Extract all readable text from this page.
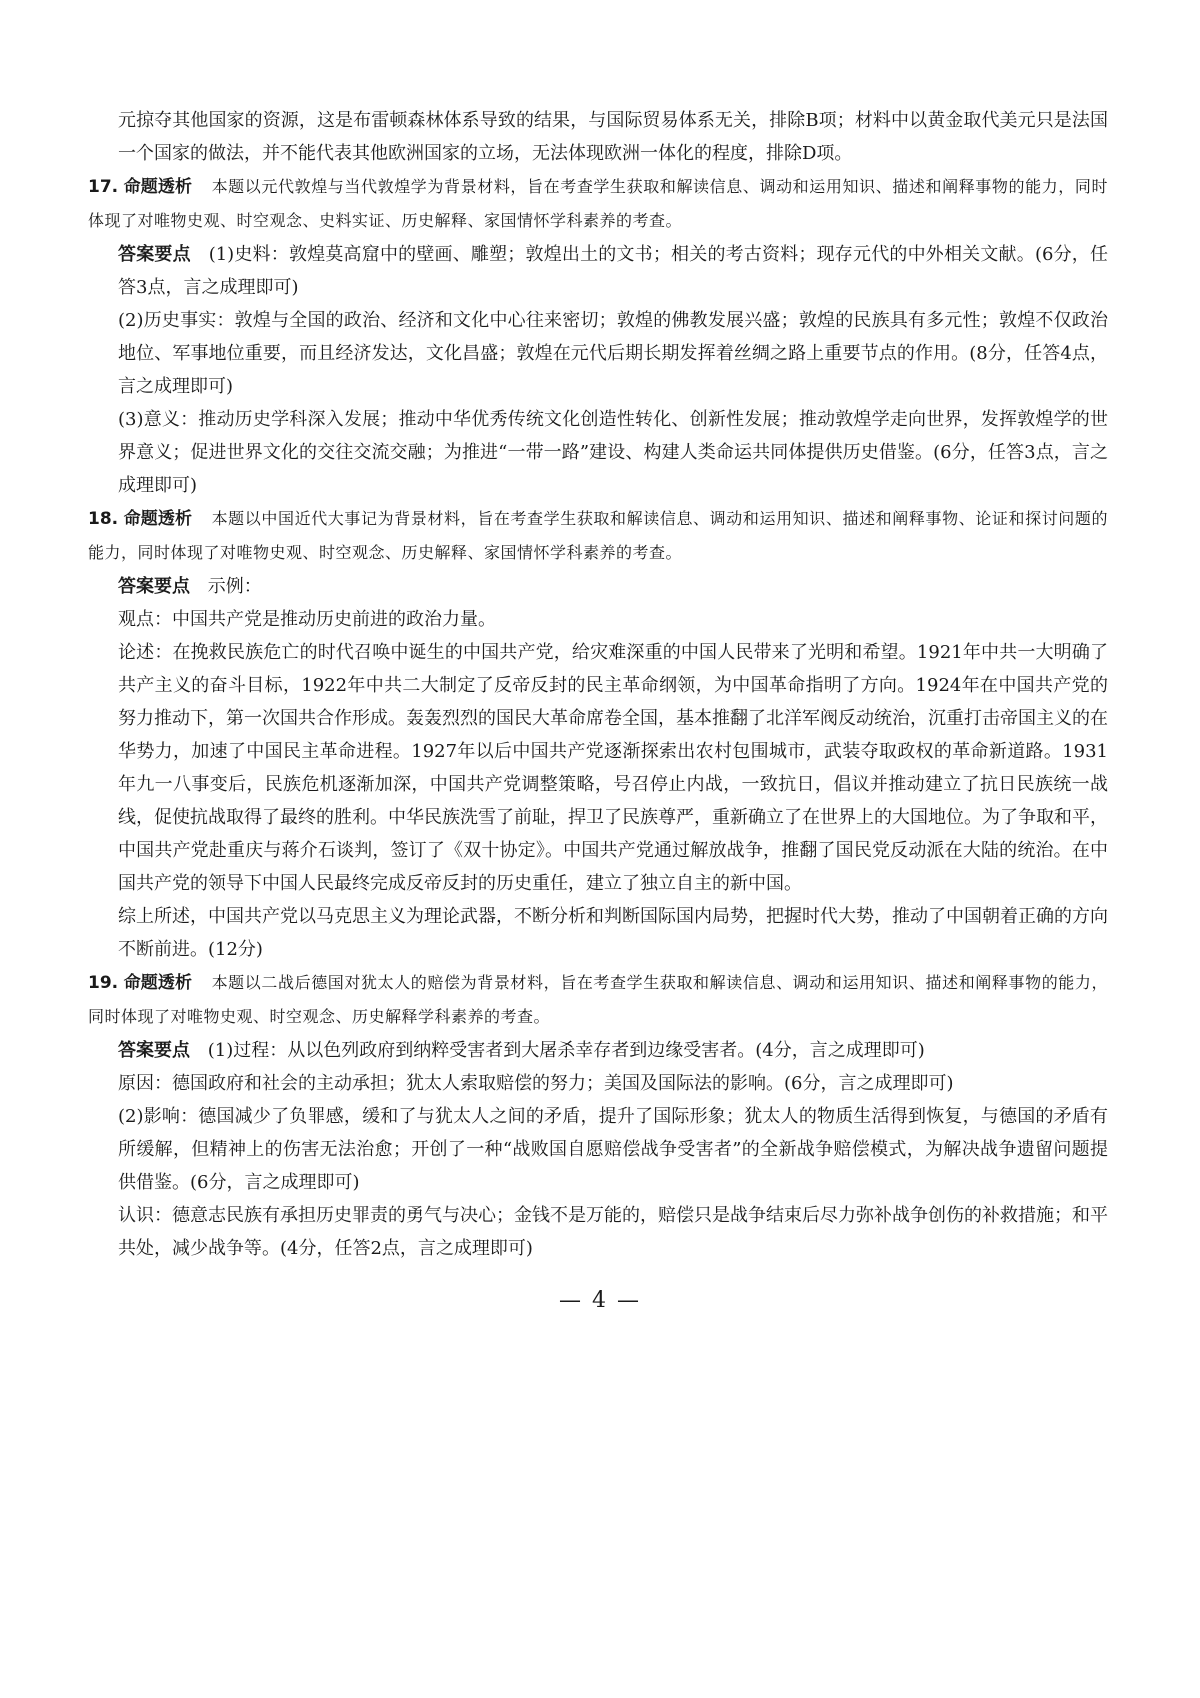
元掠夺其他国家的资源，这是布雷顿森林体系导致的结果，与国际贸易体系无关，排除B项；材料中以黄金取代美元只是法国一个国家的做法，并不能代表其他欧洲国家的立场，无法体现欧洲一体化的程度，排除D项。

17. 命题透析 本题以元代敦煌与当代敦煌学为背景材料，旨在考查学生获取和解读信息、调动和运用知识、描述和阐释事物的能力，同时体现了对唯物史观、时空观念、史料实证、历史解释、家国情怀学科素养的考查。

答案要点 (1)史料：敦煌莫高窟中的壁画、雕塑；敦煌出土的文书；相关的考古资料；现存元代的中外相关文献。(6分，任答3点，言之成理即可)

(2)历史事实：敦煌与全国的政治、经济和文化中心往来密切；敦煌的佛教发展兴盛；敦煌的民族具有多元性；敦煌不仅政治地位、军事地位重要，而且经济发达，文化昌盛；敦煌在元代后期长期发挥着丝绸之路上重要节点的作用。(8分，任答4点，言之成理即可)

(3)意义：推动历史学科深入发展；推动中华优秀传统文化创造性转化、创新性发展；推动敦煌学走向世界，发挥敦煌学的世界意义；促进世界文化的交往交流交融；为推进“一带一路”建设、构建人类命运共同体提供历史借鉴。(6分，任答3点，言之成理即可)

18. 命题透析 本题以中国近代大事记为背景材料，旨在考查学生获取和解读信息、调动和运用知识、描述和阐释事物、论证和探讨问题的能力，同时体现了对唯物史观、时空观念、历史解释、家国情怀学科素养的考查。

答案要点 示例：

观点：中国共产党是推动历史前进的政治力量。

论述：在挽救民族危亡的时代召唤中诞生的中国共产党，给灾难深重的中国人民带来了光明和希望。1921年中共一大明确了共产主义的奋斗目标，1922年中共二大制定了反帝反封的民主革命纲领，为中国革命指明了方向。1924年在中国共产党的努力推动下，第一次国共合作形成。轰轰烈烈的国民大革命席卷全国，基本推翻了北洋军阀反动统治，沉重打击帝国主义的在华势力，加速了中国民主革命进程。1927年以后中国共产党逐渐探索出农村包围城市，武装夺取政权的革命新道路。1931年九一八事变后，民族危机逐渐加深，中国共产党调整策略，号召停止内战，一致抗日，倡议并推动建立了抗日民族统一战线，促使抗战取得了最终的胜利。中华民族洗雪了前耻，捍卫了民族尊严，重新确立了在世界上的大国地位。为了争取和平，中国共产党赴重庆与蒋介石谈判，签订了《双十协定》。中国共产党通过解放战争，推翻了国民党反动派在大陆的统治。在中国共产党的领导下中国人民最终完成反帝反封的历史重任，建立了独立自主的新中国。

综上所述，中国共产党以马克思主义为理论武器，不断分析和判断国际国内局势，把握时代大势，推动了中国朝着正确的方向不断前进。(12分)

19. 命题透析 本题以二战后德国对犹太人的赔偿为背景材料，旨在考查学生获取和解读信息、调动和运用知识、描述和阐释事物的能力，同时体现了对唯物史观、时空观念、历史解释学科素养的考查。

答案要点 (1)过程：从以色列政府到纳粹受害者到大屠杀幸存者到边缘受害者。(4分，言之成理即可)

原因：德国政府和社会的主动承担；犹太人索取赔偿的努力；美国及国际法的影响。(6分，言之成理即可)

(2)影响：德国减少了负罪感，缓和了与犹太人之间的矛盾，提升了国际形象；犹太人的物质生活得到恢复，与德国的矛盾有所缓解，但精神上的伤害无法治愈；开创了一种“战败国自愿赔偿战争受害者”的全新战争赔偿模式，为解决战争遗留问题提供借鉴。(6分，言之成理即可)

认识：德意志民族有承担历史罪责的勇气与决心；金钱不是万能的，赔偿只是战争结束后尽力弥补战争创伤的补救措施；和平共处，减少战争等。(4分，任答2点，言之成理即可)

— 4 —
